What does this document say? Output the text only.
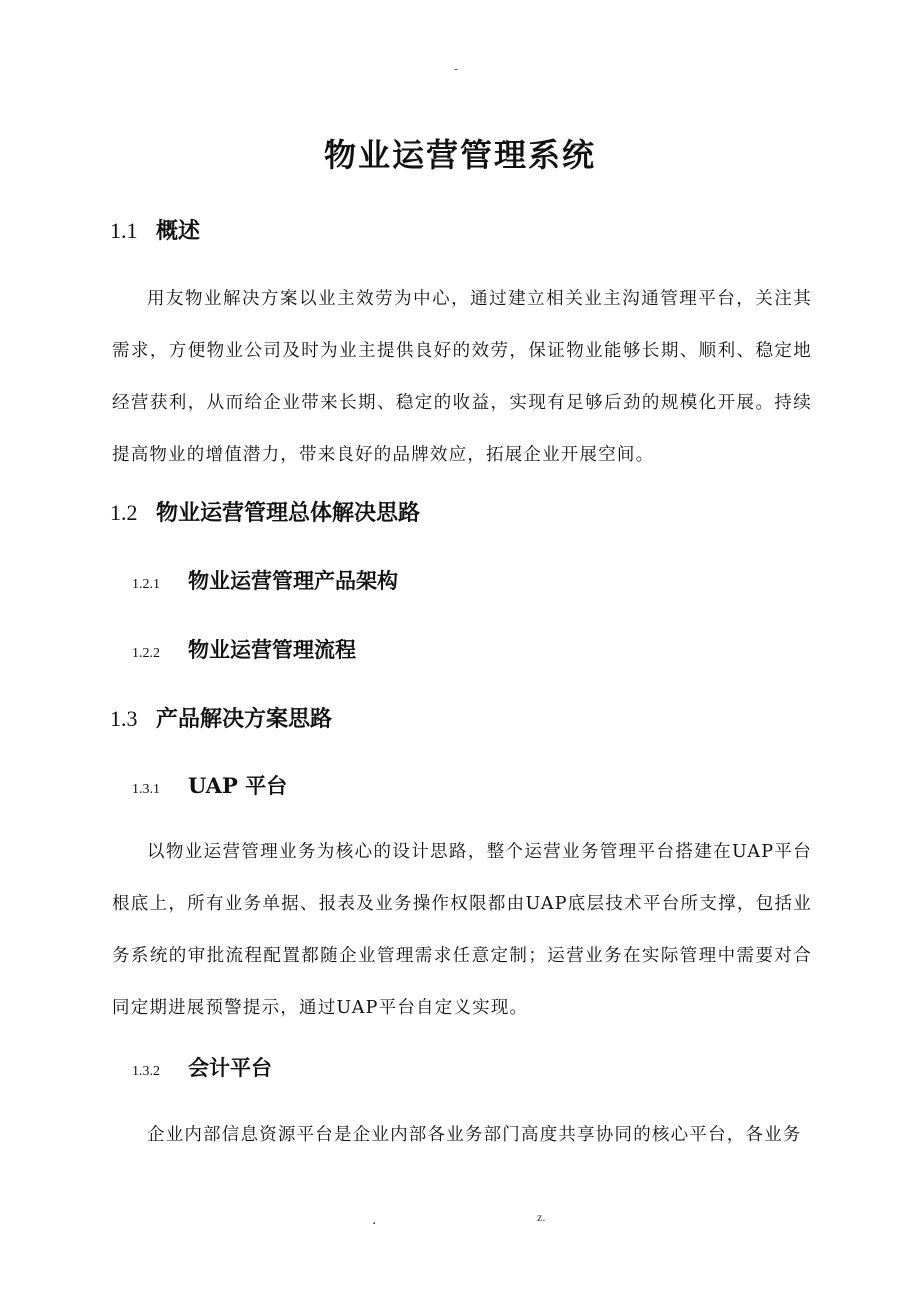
-
物业运营管理系统
1.1 概述
用友物业解决方案以业主效劳为中心，通过建立相关业主沟通管理平台，关注其需求，方便物业公司及时为业主提供良好的效劳，保证物业能够长期、顺利、稳定地经营获利，从而给企业带来长期、稳定的收益，实现有足够后劲的规模化开展。持续提高物业的增值潜力，带来良好的品牌效应，拓展企业开展空间。
1.2 物业运营管理总体解决思路
1.2.1 物业运营管理产品架构
1.2.2 物业运营管理流程
1.3 产品解决方案思路
1.3.1 UAP 平台
以物业运营管理业务为核心的设计思路，整个运营业务管理平台搭建在UAP平台根底上，所有业务单据、报表及业务操作权限都由UAP底层技术平台所支撑，包括业务系统的审批流程配置都随企业管理需求任意定制；运营业务在实际管理中需要对合同定期进展预警提示，通过UAP平台自定义实现。
1.3.2 会计平台
企业内部信息资源平台是企业内部各业务部门高度共享协同的核心平台，各业务
.	z.
